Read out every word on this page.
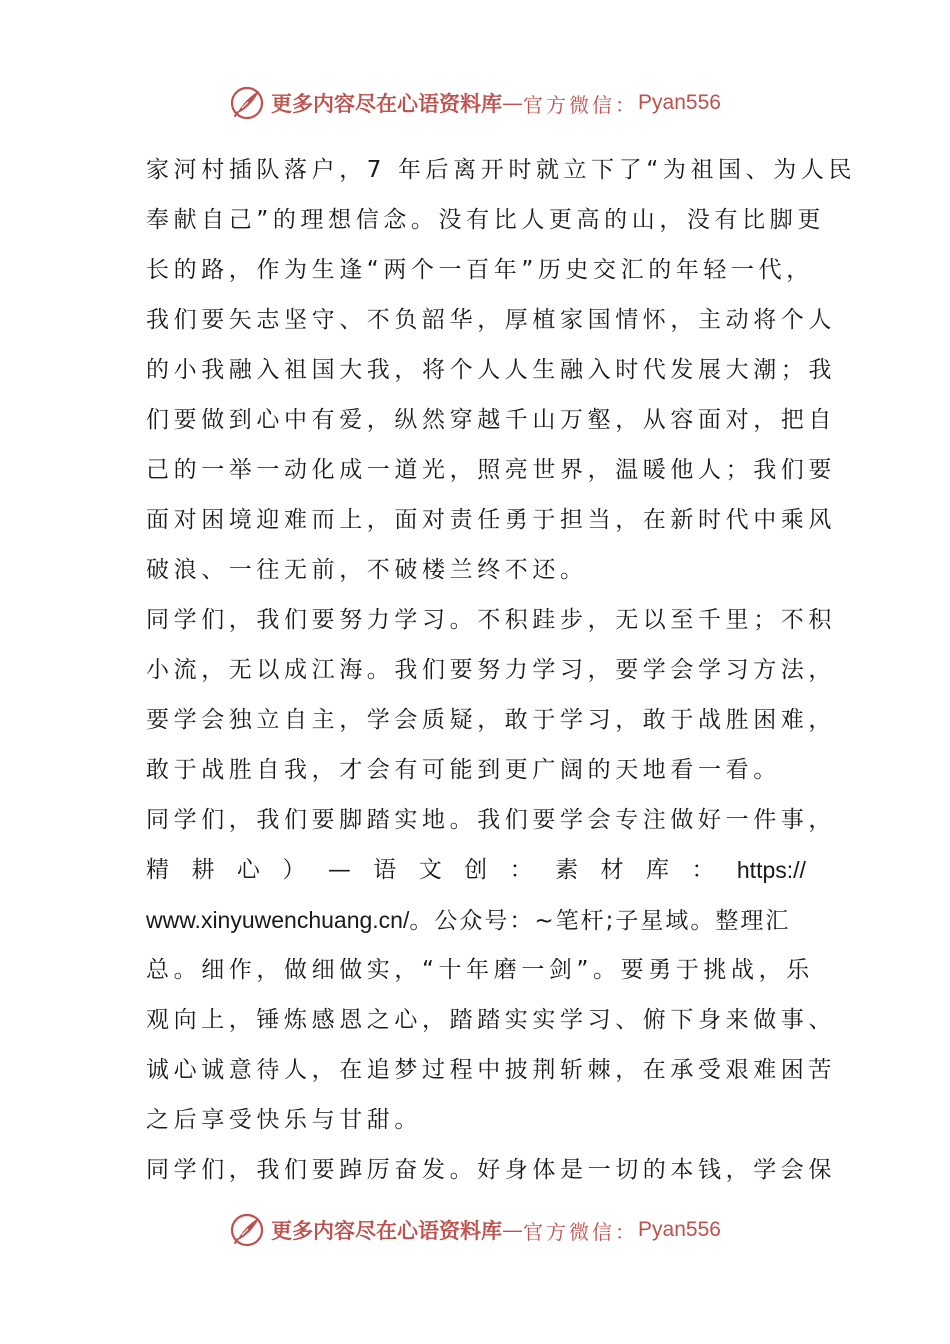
更多内容尽在心语资料库 — 官方微信： Pyan556
家河村插队落户，7 年后离开时就立下了“为祖国、为人民
奉献自己”的理想信念。没有比人更高的山，没有比脚更
长的路，作为生逢“两个一百年”历史交汇的年轻一代，
我们要矢志坚守、不负韶华，厚植家国情怀，主动将个人
的小我融入祖国大我，将个人人生融入时代发展大潮；我
们要做到心中有爱，纵然穿越千山万壑，从容面对，把自
己的一举一动化成一道光，照亮世界，温暖他人；我们要
面对困境迎难而上，面对责任勇于担当，在新时代中乘风
破浪、一往无前，不破楼兰终不还。
同学们，我们要努力学习。不积跬步，无以至千里；不积
小流，无以成江海。我们要努力学习，要学会学习方法，
要学会独立自主，学会质疑，敢于学习，敢于战胜困难，
敢于战胜自我，才会有可能到更广阔的天地看一看。
同学们，我们要脚踏实地。我们要学会专注做好一件事，
精 耕 心 ） — 语 文 创 ： 素 材 库 ： https://
www.xinyuwenchuang.cn/。公众号：~笔杆;子星域。整理汇
总。细作，做细做实，“十年磨一剑”。要勇于挑战，乐
观向上，锤炼感恩之心，踏踏实实学习、俯下身来做事、
诚心诚意待人，在追梦过程中披荆斩棘，在承受艰难困苦
之后享受快乐与甘甜。
同学们，我们要踔厉奋发。好身体是一切的本钱，学会保
更多内容尽在心语资料库 — 官方微信： Pyan556
